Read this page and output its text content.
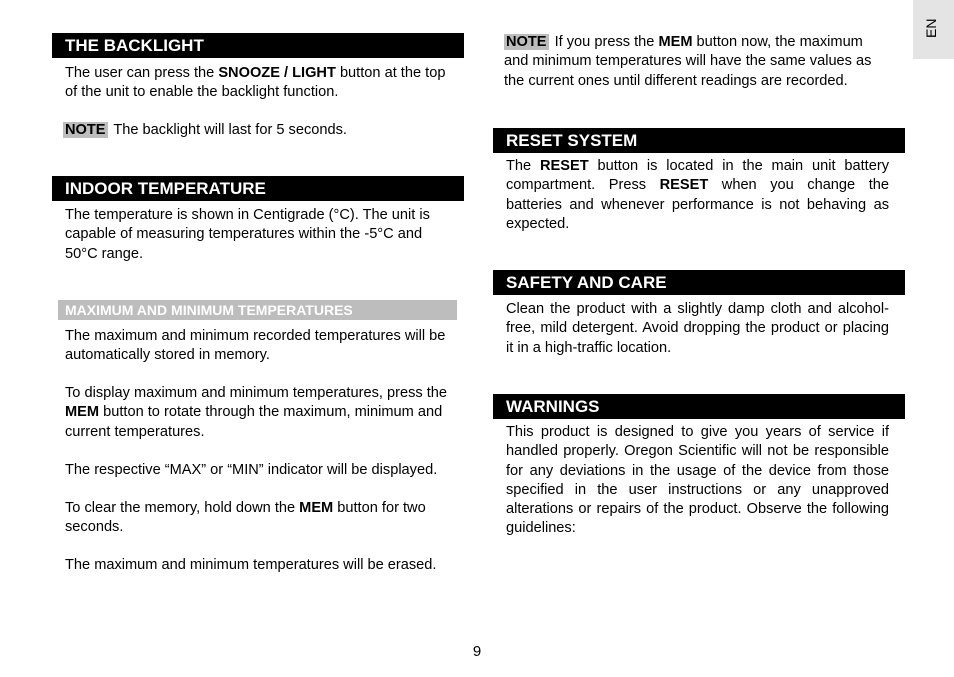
EN
THE BACKLIGHT
The user can press the SNOOZE / LIGHT button at the top of the unit to enable the backlight function.
NOTE The backlight will last for 5 seconds.
INDOOR TEMPERATURE
The temperature is shown in Centigrade (°C). The unit is capable of measuring temperatures within the -5°C and 50°C range.
MAXIMUM AND MINIMUM TEMPERATURES
The maximum and minimum recorded temperatures will be automatically stored in memory.
To display maximum and minimum temperatures, press the MEM button to rotate through the maximum, minimum and current temperatures.
The respective “MAX” or “MIN” indicator will be displayed.
To clear the memory, hold down the MEM button for two seconds.
The maximum and minimum temperatures will be erased.
NOTE If you press the MEM button now, the maximum and minimum temperatures will have the same values as the current ones until different readings are recorded.
RESET SYSTEM
The RESET button is located in the main unit battery compartment. Press RESET when you change the batteries and whenever performance is not behaving as expected.
SAFETY AND CARE
Clean the product with a slightly damp cloth and alcohol-free, mild detergent. Avoid dropping the product or placing it in a high-traffic location.
WARNINGS
This product is designed to give you years of service if handled properly. Oregon Scientific will not be responsible for any deviations in the usage of the device from those specified in the user instructions or any unapproved alterations or repairs of the product. Observe the following guidelines:
9
